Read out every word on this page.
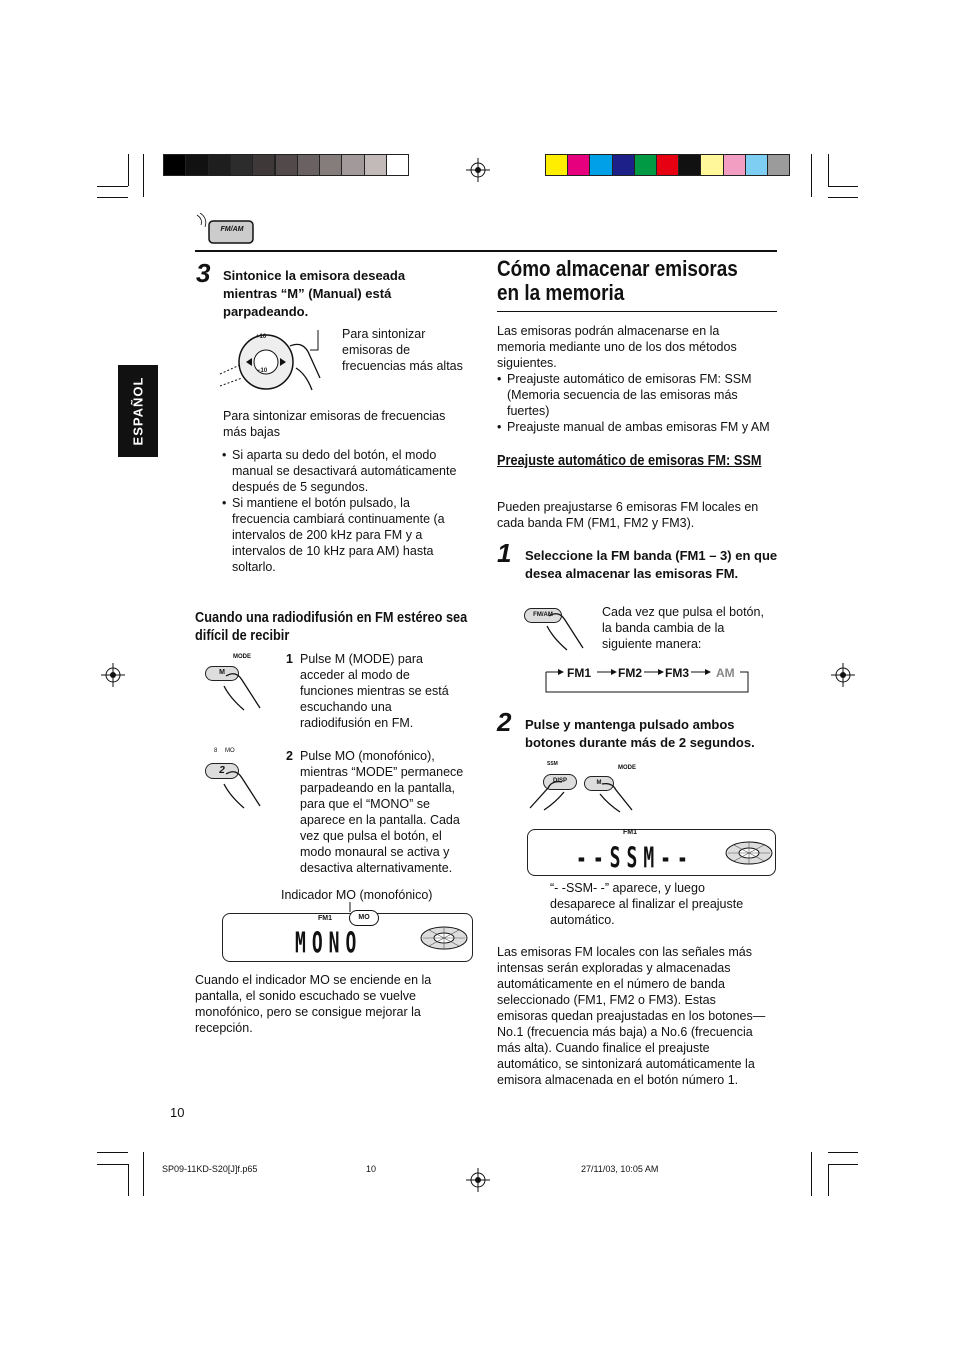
ESPAÑOL
FM/AM
3 Sintonice la emisora deseada mientras “M” (Manual) está parpadeando.
+10
−10
Para sintonizar emisoras de frecuencias más altas
Para sintonizar emisoras de frecuencias más bajas

• Si aparta su dedo del botón, el modo manual se desactivará automáticamente después de 5 segundos.

• Si mantiene el botón pulsado, la frecuencia cambiará continuamente (a intervalos de 200 kHz para FM y a intervalos de 10 kHz para AM) hasta soltarlo.

Cuando una radiodifusión en FM estéreo sea difícil de recibir
MODE
M
1 Pulse M (MODE) para acceder al modo de funciones mientras se está escuchando una radiodifusión en FM.
8 MO
2
2 Pulse MO (monofónico), mientras “MODE” permanece parpadeando en la pantalla, para que el “MONO” se aparece en la pantalla. Cada vez que pulsa el botón, el modo monaural se activa y desactiva alternativamente.
Indicador MO (monofónico)
FM1	MO
MONO
Cuando el indicador MO se enciende en la pantalla, el sonido escuchado se vuelve monofónico, pero se consigue mejorar la recepción.
Cómo almacenar emisoras en la memoria

Las emisoras podrán almacenarse en la memoria mediante uno de los dos métodos siguientes.

• Preajuste automático de emisoras FM: SSM (Memoria secuencia de las emisoras más fuertes)

• Preajuste manual de ambas emisoras FM y AM

Preajuste automático de emisoras FM: SSM

Pueden preajustarse 6 emisoras FM locales en cada banda FM (FM1, FM2 y FM3).

1 Seleccione la FM banda (FM1 – 3) en que desea almacenar las emisoras FM.
FM/AM	Cada vez que pulsa el botón, la banda cambia de la siguiente manera:

FM1 FM2 FM3 AM
2 Pulse y mantenga pulsado ambos botones durante más de 2 segundos.
SSM
DISP
MODE
M
FM1
--SSM--

“- -SSM- -” aparece, y luego desaparece al finalizar el preajuste automático.

Las emisoras FM locales con las señales más intensas serán exploradas y almacenadas automáticamente en el número de banda seleccionado (FM1, FM2 o FM3). Estas emisoras quedan preajustadas en los botones—No.1 (frecuencia más baja) a No.6 (frecuencia más alta). Cuando finalice el preajuste automático, se sintonizará automáticamente la emisora almacenada en el botón número 1.

10
SP09-11KD-S20[J]f.p65	10	27/11/03, 10:05 AM
